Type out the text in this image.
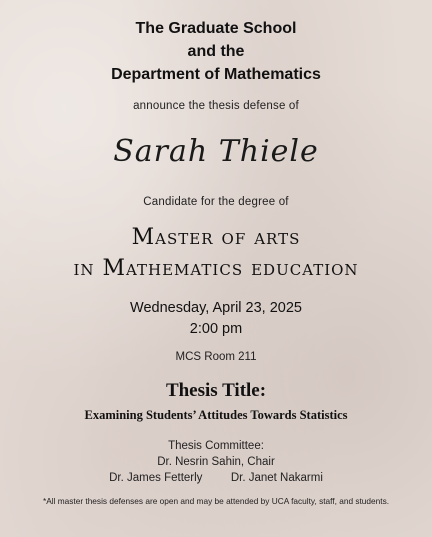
The Graduate School
and the
Department of Mathematics
announce the thesis defense of
Sarah Thiele
Candidate for the degree of
Master of arts
in Mathematics education
Wednesday, April 23, 2025
2:00 pm
MCS Room 211
Thesis Title:
Examining Students’ Attitudes Towards Statistics
Thesis Committee:
Dr. Nesrin Sahin, Chair
Dr. James Fetterly Dr. Janet Nakarmi
*All master thesis defenses are open and may be attended by UCA faculty, staff, and students.
